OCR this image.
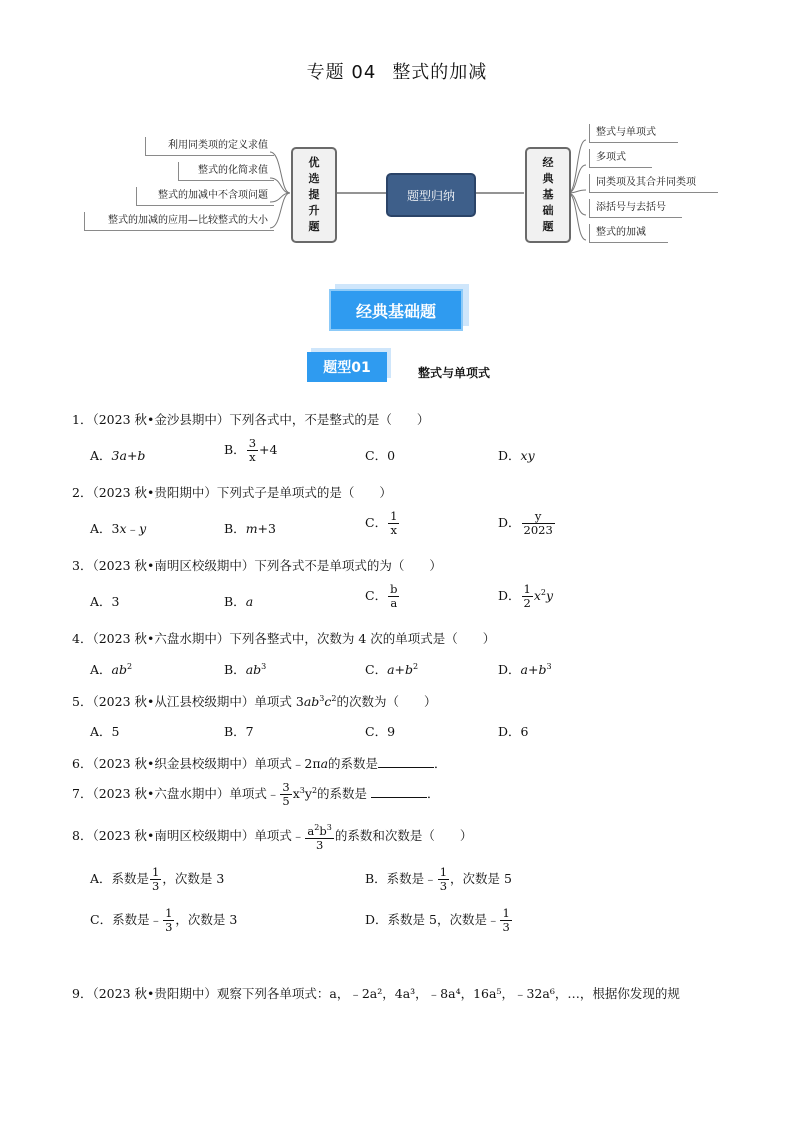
专题 04 整式的加减
利用同类项的定义求值
整式的化简求值
整式的加减中不含项问题
整式的加减的应用—比较整式的大小
优选提升题
题型归纳
经典基础题
整式与单项式
多项式
同类项及其合并同类项
添括号与去括号
整式的加减
经典基础题
题型01	整式与单项式
1．（2023 秋•金沙县期中）下列各式中，不是整式的是（　　）
A．3a+b	B． $\frac{3}{x} +4$	C．0	D．xy
2．（2023 秋•贵阳期中）下列式子是单项式的是（　　）
A．3x﹣y	B．m+3	C． $\frac{1}{x}$	D． $\frac{y}{2023}$
3．（2023 秋•南明区校级期中）下列各式不是单项式的为（　　）
A．3	B．a	C． $\frac{b}{a}$	D． $\frac{1}{2} x^2y$
4．（2023 秋•六盘水期中）下列各整式中，次数为 4 次的单项式是（　　）
A．$ab^2$	B．$ab^3$	C．$a+b^2$	D．$a+b^3$
5．（2023 秋•从江县校级期中）单项式 $3ab^3c^2$的次数为（　　）
A．5	B．7	C．9	D．6
6．（2023 秋•织金县校级期中）单项式﹣2πa的系数是	．
7．（2023 秋•六盘水期中）单项式﹣ $\frac{3}{5} x^3y^2$的系数是	．
8．（2023 秋•南明区校级期中）单项式﹣ $\frac{a^2b^3}{3}$ 的系数和次数是（　　）
A．系数是 $\frac{1}{3}$ ，次数是 3	B．系数是﹣ $\frac{1}{3}$ ，次数是 5
C．系数是﹣ $\frac{1}{3}$ ，次数是 3	D．系数是 5，次数是﹣ $\frac{1}{3}$
9．（2023 秋•贵阳期中）观察下列各单项式：a，﹣2a²，4a³，﹣8a⁴，16a⁵，﹣32a⁶，…，根据你发现的规
